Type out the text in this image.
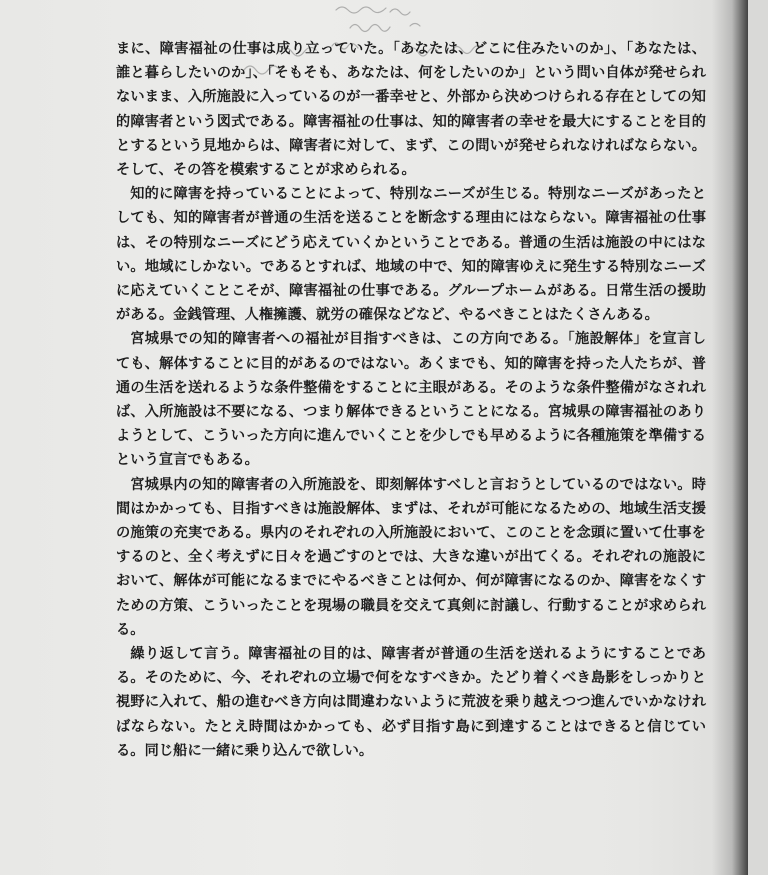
まに、障害福祉の仕事は成り立っていた。「あなたは、どこに住みたいのか」、「あなたは、誰と暮らしたいのか」、「そもそも、あなたは、何をしたいのか」という問い自体が発せられないまま、入所施設に入っているのが一番幸せと、外部から決めつけられる存在としての知的障害者という図式である。障害福祉の仕事は、知的障害者の幸せを最大にすることを目的とするという見地からは、障害者に対して、まず、この問いが発せられなければならない。そして、その答を模索することが求められる。

知的に障害を持っていることによって、特別なニーズが生じる。特別なニーズがあったとしても、知的障害者が普通の生活を送ることを断念する理由にはならない。障害福祉の仕事は、その特別なニーズにどう応えていくかということである。普通の生活は施設の中にはない。地域にしかない。であるとすれば、地域の中で、知的障害ゆえに発生する特別なニーズに応えていくことこそが、障害福祉の仕事である。グループホームがある。日常生活の援助がある。金銭管理、人権擁護、就労の確保などなど、やるべきことはたくさんある。

宮城県での知的障害者への福祉が目指すべきは、この方向である。「施設解体」を宣言しても、解体することに目的があるのではない。あくまでも、知的障害を持った人たちが、普通の生活を送れるような条件整備をすることに主眼がある。そのような条件整備がなされれば、入所施設は不要になる、つまり解体できるということになる。宮城県の障害福祉のありようとして、こういった方向に進んでいくことを少しでも早めるように各種施策を準備するという宣言でもある。

宮城県内の知的障害者の入所施設を、即刻解体すべしと言おうとしているのではない。時間はかかっても、目指すべきは施設解体、まずは、それが可能になるための、地域生活支援の施策の充実である。県内のそれぞれの入所施設において、このことを念頭に置いて仕事をするのと、全く考えずに日々を過ごすのとでは、大きな違いが出てくる。それぞれの施設において、解体が可能になるまでにやるべきことは何か、何が障害になるのか、障害をなくすための方策、こういったことを現場の職員を交えて真剣に討議し、行動することが求められる。

繰り返して言う。障害福祉の目的は、障害者が普通の生活を送れるようにすることである。そのために、今、それぞれの立場で何をなすべきか。たどり着くべき島影をしっかりと視野に入れて、船の進むべき方向は間違わないように荒波を乗り越えつつ進んでいかなければならない。たとえ時間はかかっても、必ず目指す島に到達することはできると信じている。同じ船に一緒に乗り込んで欲しい。
